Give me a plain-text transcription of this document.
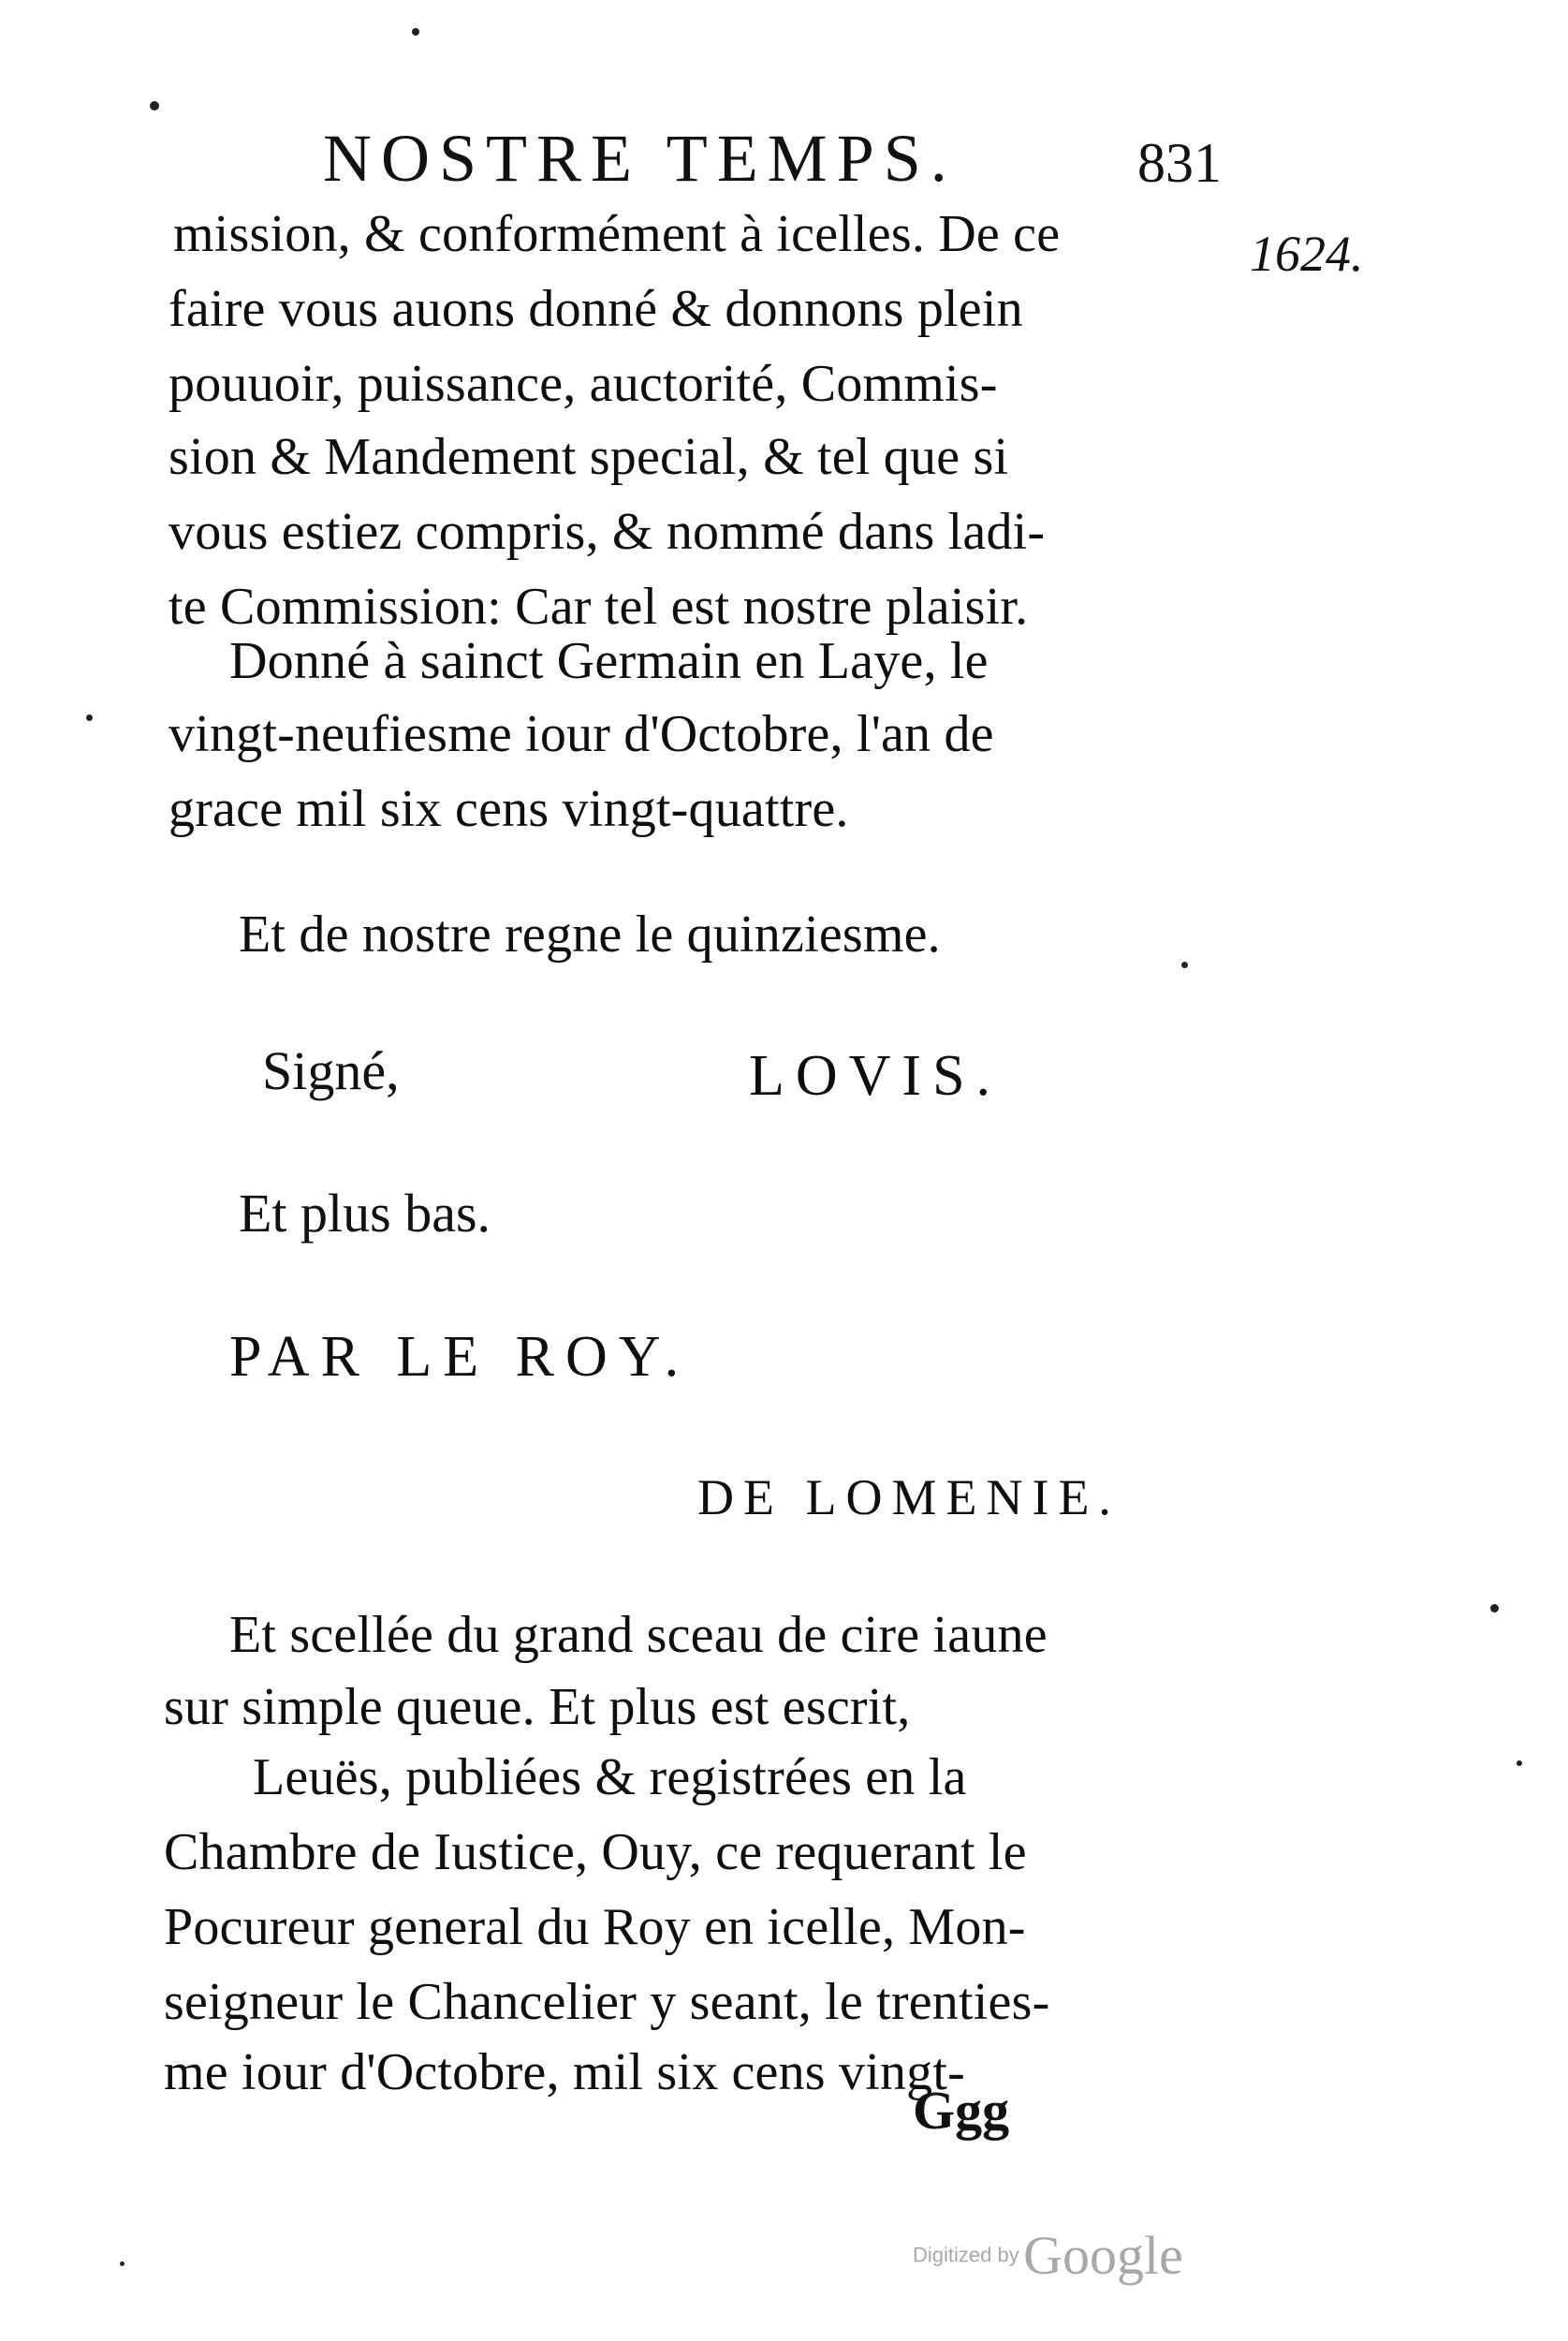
NOSTRE TEMPS.	831
1624.
mission, & conformément à icelles. De ce
faire vous auons donné & donnons plein
pouuoir, puissance, auctorité, Commis-
sion & Mandement special, & tel que si
vous estiez compris, & nommé dans ladi-
te Commission: Car tel est nostre plaisir.
Donné à sainct Germain en Laye, le
vingt-neufiesme iour d'Octobre, l'an de
grace mil six cens vingt-quattre.
Et de nostre regne le quinziesme.
Signé,	LOVIS.
Et plus bas.
PAR LE ROY.
DE LOMENIE.
Et scellée du grand sceau de cire iaune
sur simple queue. Et plus est escrit,
Leuës, publiées & registrées en la
Chambre de Iustice, Ouy, ce requerant le
Pocureur general du Roy en icelle, Mon-
seigneur le Chancelier y seant, le trenties-
me iour d'Octobre, mil six cens vingt-
Ggg
Digitized by Google
